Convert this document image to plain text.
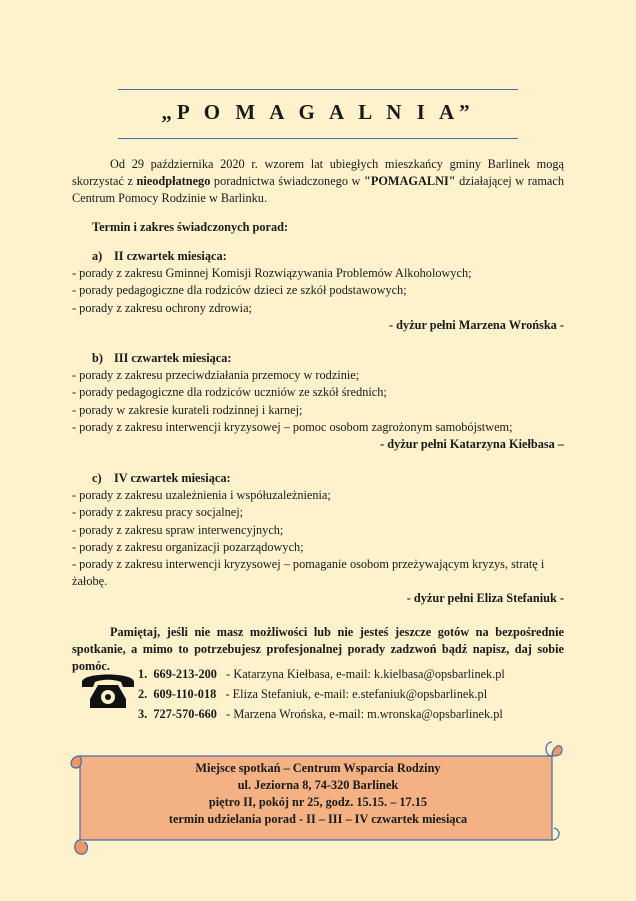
„P O M A G A L N I A”

Od 29 października 2020 r. wzorem lat ubiegłych mieszkańcy gminy Barlinek mogą skorzystać z nieodpłatnego poradnictwa świadczonego w "POMAGALNI" działającej w ramach Centrum Pomocy Rodzinie w Barlinku.

Termin i zakres świadczonych porad:
a) II czwartek miesiąca:
- porady z zakresu Gminnej Komisji Rozwiązywania Problemów Alkoholowych;
- porady pedagogiczne dla rodziców dzieci ze szkół podstawowych;
- porady z zakresu ochrony zdrowia;
- dyżur pełni Marzena Wrońska -
b) III czwartek miesiąca:
- porady z zakresu przeciwdziałania przemocy w rodzinie;
- porady pedagogiczne dla rodziców uczniów ze szkół średnich;
- porady w zakresie kurateli rodzinnej i karnej;
- porady z zakresu interwencji kryzysowej – pomoc osobom zagrożonym samobójstwem;
- dyżur pełni Katarzyna Kiełbasa –
c) IV czwartek miesiąca:
- porady z zakresu uzależnienia i współuzależnienia;
- porady z zakresu pracy socjalnej;
- porady z zakresu spraw interwencyjnych;
- porady z zakresu organizacji pozarządowych;
- porady z zakresu interwencji kryzysowej – pomaganie osobom przeżywającym kryzys, stratę i żałobę.
- dyżur pełni Eliza Stefaniuk -

Pamiętaj, jeśli nie masz możliwości lub nie jesteś jeszcze gotów na bezpośrednie spotkanie, a mimo to potrzebujesz profesjonalnej porady zadzwoń bądź napisz, daj sobie pomóc.

1. 669-213-200 - Katarzyna Kiełbasa, e-mail: k.kielbasa@opsbarlinek.pl
2. 609-110-018 - Eliza Stefaniuk, e-mail: e.stefaniuk@opsbarlinek.pl
3. 727-570-660 - Marzena Wrońska, e-mail: m.wronska@opsbarlinek.pl
Miejsce spotkań – Centrum Wsparcia Rodziny
ul. Jeziorna 8, 74-320 Barlinek
piętro II, pokój nr 25, godz. 15.15. – 17.15
termin udzielania porad - II – III – IV czwartek miesiąca
